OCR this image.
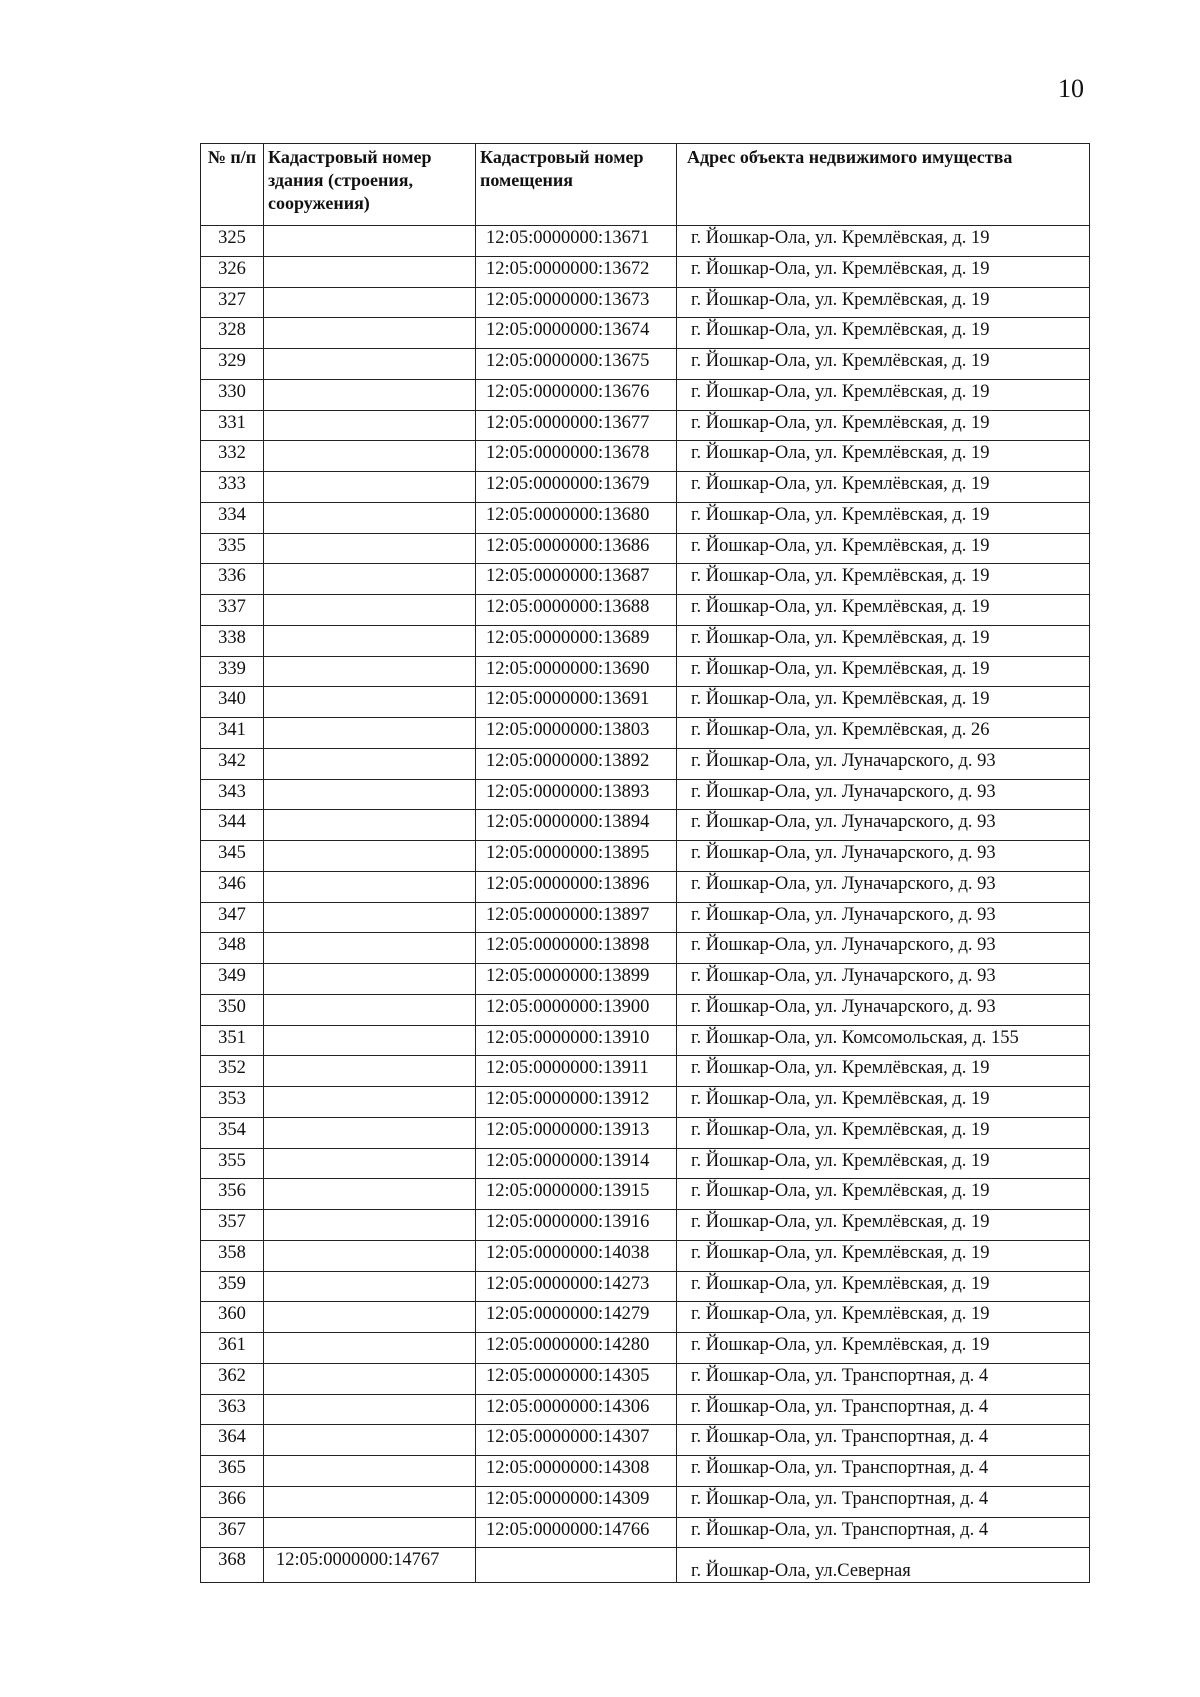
10
№ п/п	Кадастровый номер здания (строения, сооружения)	Кадастровый номер помещения	Адрес объекта недвижимого имущества
325		12:05:0000000:13671	г. Йошкар-Ола, ул. Кремлёвская, д. 19
326		12:05:0000000:13672	г. Йошкар-Ола, ул. Кремлёвская, д. 19
327		12:05:0000000:13673	г. Йошкар-Ола, ул. Кремлёвская, д. 19
328		12:05:0000000:13674	г. Йошкар-Ола, ул. Кремлёвская, д. 19
329		12:05:0000000:13675	г. Йошкар-Ола, ул. Кремлёвская, д. 19
330		12:05:0000000:13676	г. Йошкар-Ола, ул. Кремлёвская, д. 19
331		12:05:0000000:13677	г. Йошкар-Ола, ул. Кремлёвская, д. 19
332		12:05:0000000:13678	г. Йошкар-Ола, ул. Кремлёвская, д. 19
333		12:05:0000000:13679	г. Йошкар-Ола, ул. Кремлёвская, д. 19
334		12:05:0000000:13680	г. Йошкар-Ола, ул. Кремлёвская, д. 19
335		12:05:0000000:13686	г. Йошкар-Ола, ул. Кремлёвская, д. 19
336		12:05:0000000:13687	г. Йошкар-Ола, ул. Кремлёвская, д. 19
337		12:05:0000000:13688	г. Йошкар-Ола, ул. Кремлёвская, д. 19
338		12:05:0000000:13689	г. Йошкар-Ола, ул. Кремлёвская, д. 19
339		12:05:0000000:13690	г. Йошкар-Ола, ул. Кремлёвская, д. 19
340		12:05:0000000:13691	г. Йошкар-Ола, ул. Кремлёвская, д. 19
341		12:05:0000000:13803	г. Йошкар-Ола, ул. Кремлёвская, д. 26
342		12:05:0000000:13892	г. Йошкар-Ола, ул. Луначарского, д. 93
343		12:05:0000000:13893	г. Йошкар-Ола, ул. Луначарского, д. 93
344		12:05:0000000:13894	г. Йошкар-Ола, ул. Луначарского, д. 93
345		12:05:0000000:13895	г. Йошкар-Ола, ул. Луначарского, д. 93
346		12:05:0000000:13896	г. Йошкар-Ола, ул. Луначарского, д. 93
347		12:05:0000000:13897	г. Йошкар-Ола, ул. Луначарского, д. 93
348		12:05:0000000:13898	г. Йошкар-Ола, ул. Луначарского, д. 93
349		12:05:0000000:13899	г. Йошкар-Ола, ул. Луначарского, д. 93
350		12:05:0000000:13900	г. Йошкар-Ола, ул. Луначарского, д. 93
351		12:05:0000000:13910	г. Йошкар-Ола, ул. Комсомольская, д. 155
352		12:05:0000000:13911	г. Йошкар-Ола, ул. Кремлёвская, д. 19
353		12:05:0000000:13912	г. Йошкар-Ола, ул. Кремлёвская, д. 19
354		12:05:0000000:13913	г. Йошкар-Ола, ул. Кремлёвская, д. 19
355		12:05:0000000:13914	г. Йошкар-Ола, ул. Кремлёвская, д. 19
356		12:05:0000000:13915	г. Йошкар-Ола, ул. Кремлёвская, д. 19
357		12:05:0000000:13916	г. Йошкар-Ола, ул. Кремлёвская, д. 19
358		12:05:0000000:14038	г. Йошкар-Ола, ул. Кремлёвская, д. 19
359		12:05:0000000:14273	г. Йошкар-Ола, ул. Кремлёвская, д. 19
360		12:05:0000000:14279	г. Йошкар-Ола, ул. Кремлёвская, д. 19
361		12:05:0000000:14280	г. Йошкар-Ола, ул. Кремлёвская, д. 19
362		12:05:0000000:14305	г. Йошкар-Ола, ул. Транспортная, д. 4
363		12:05:0000000:14306	г. Йошкар-Ола, ул. Транспортная, д. 4
364		12:05:0000000:14307	г. Йошкар-Ола, ул. Транспортная, д. 4
365		12:05:0000000:14308	г. Йошкар-Ола, ул. Транспортная, д. 4
366		12:05:0000000:14309	г. Йошкар-Ола, ул. Транспортная, д. 4
367		12:05:0000000:14766	г. Йошкар-Ола, ул. Транспортная, д. 4
368	12:05:0000000:14767		г. Йошкар-Ола, ул.Северная
